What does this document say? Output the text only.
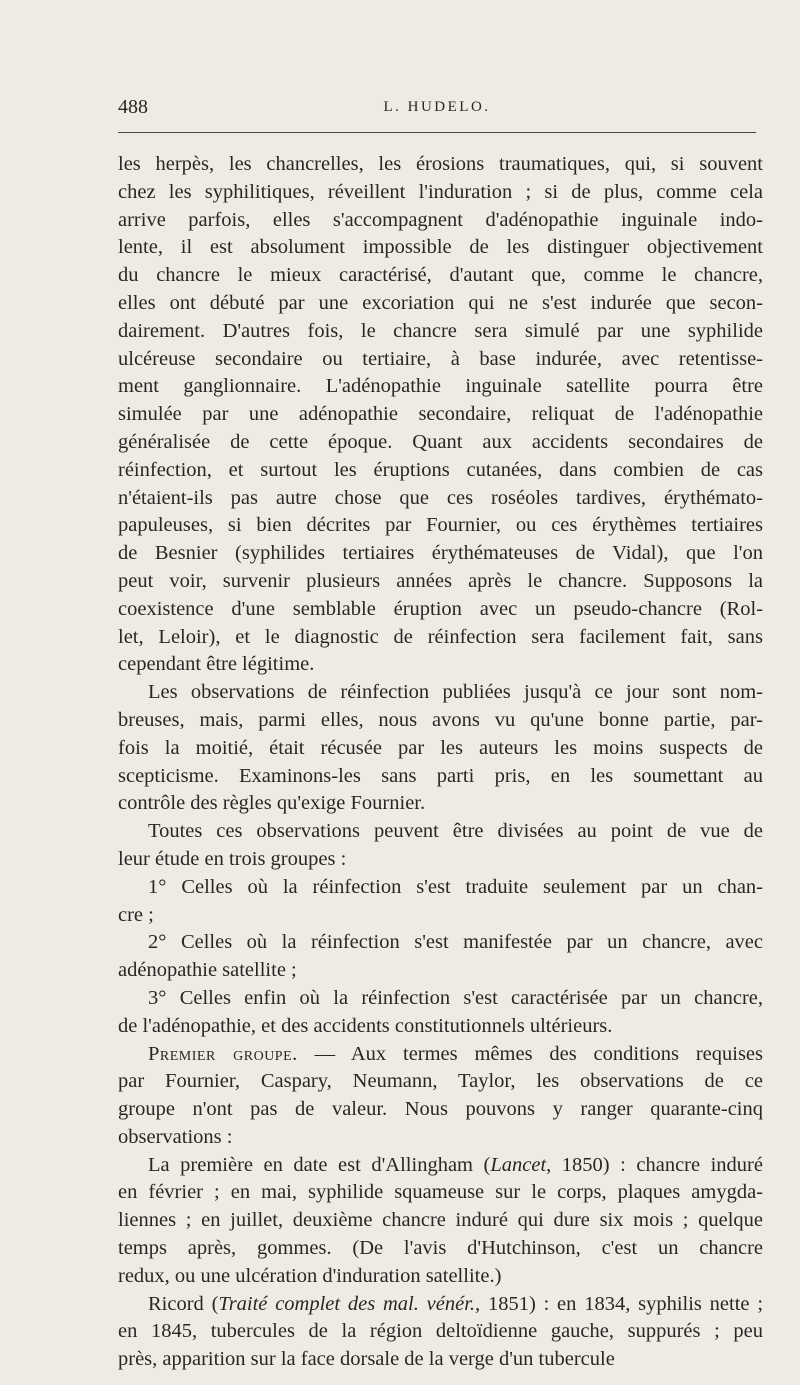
488	L. HUDELO.
les herpès, les chancrelles, les érosions traumatiques, qui, si souvent
chez les syphilitiques, réveillent l'induration ; si de plus, comme cela
arrive parfois, elles s'accompagnent d'adénopathie inguinale indo-
lente, il est absolument impossible de les distinguer objectivement
du chancre le mieux caractérisé, d'autant que, comme le chancre,
elles ont débuté par une excoriation qui ne s'est indurée que secon-
dairement. D'autres fois, le chancre sera simulé par une syphilide
ulcéreuse secondaire ou tertiaire, à base indurée, avec retentisse-
ment ganglionnaire. L'adénopathie inguinale satellite pourra être
simulée par une adénopathie secondaire, reliquat de l'adénopathie
généralisée de cette époque. Quant aux accidents secondaires de
réinfection, et surtout les éruptions cutanées, dans combien de cas
n'étaient-ils pas autre chose que ces roséoles tardives, érythémato-
papuleuses, si bien décrites par Fournier, ou ces érythèmes tertiaires
de Besnier (syphilides tertiaires érythémateuses de Vidal), que l'on
peut voir, survenir plusieurs années après le chancre. Supposons la
coexistence d'une semblable éruption avec un pseudo-chancre (Rol-
let, Leloir), et le diagnostic de réinfection sera facilement fait, sans
cependant être légitime.
Les observations de réinfection publiées jusqu'à ce jour sont nom-
breuses, mais, parmi elles, nous avons vu qu'une bonne partie, par-
fois la moitié, était récusée par les auteurs les moins suspects de
scepticisme. Examinons-les sans parti pris, en les soumettant au
contrôle des règles qu'exige Fournier.
Toutes ces observations peuvent être divisées au point de vue de
leur étude en trois groupes :
1° Celles où la réinfection s'est traduite seulement par un chan-
cre ;
2° Celles où la réinfection s'est manifestée par un chancre, avec
adénopathie satellite ;
3° Celles enfin où la réinfection s'est caractérisée par un chancre,
de l'adénopathie, et des accidents constitutionnels ultérieurs.
Premier groupe. — Aux termes mêmes des conditions requises
par Fournier, Caspary, Neumann, Taylor, les observations de ce
groupe n'ont pas de valeur. Nous pouvons y ranger quarante-cinq
observations :
La première en date est d'Allingham (Lancet, 1850) : chancre induré
en février ; en mai, syphilide squameuse sur le corps, plaques amygda-
liennes ; en juillet, deuxième chancre induré qui dure six mois ; quelque
temps après, gommes. (De l'avis d'Hutchinson, c'est un chancre
redux, ou une ulcération d'induration satellite.)
Ricord (Traité complet des mal. vénér., 1851) : en 1834, syphilis nette ;
en 1845, tubercules de la région deltoïdienne gauche, suppurés ; peu
près, apparition sur la face dorsale de la verge d'un tubercule
